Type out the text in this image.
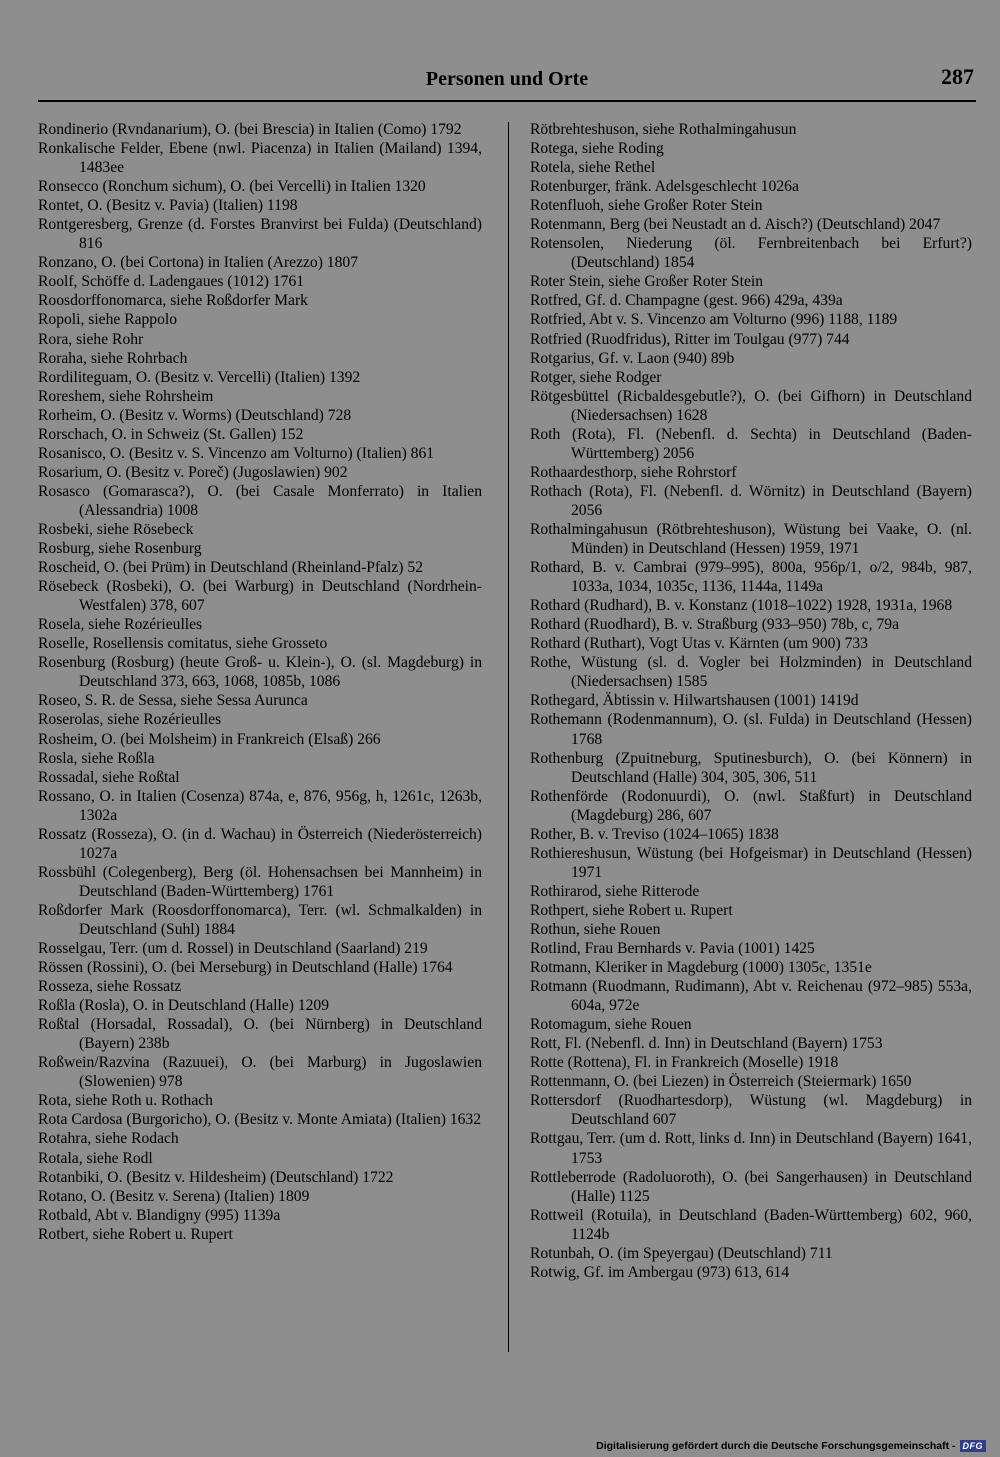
Personen und Orte	287
Rondinerio (Rvndanarium), O. (bei Brescia) in Italien (Como) 1792
Ronkalische Felder, Ebene (nwl. Piacenza) in Italien (Mailand) 1394, 1483ee
Ronsecco (Ronchum sichum), O. (bei Vercelli) in Italien 1320
Rontet, O. (Besitz v. Pavia) (Italien) 1198
Rontgeresberg, Grenze (d. Forstes Branvirst bei Fulda) (Deutschland) 816
Ronzano, O. (bei Cortona) in Italien (Arezzo) 1807
Roolf, Schöffe d. Ladengaues (1012) 1761
Roosdorffonomarca, siehe Roßdorfer Mark
Ropoli, siehe Rappolo
Rora, siehe Rohr
Roraha, siehe Rohrbach
Rordiliteguam, O. (Besitz v. Vercelli) (Italien) 1392
Roreshem, siehe Rohrsheim
Rorheim, O. (Besitz v. Worms) (Deutschland) 728
Rorschach, O. in Schweiz (St. Gallen) 152
Rosanisco, O. (Besitz v. S. Vincenzo am Volturno) (Italien) 861
Rosarium, O. (Besitz v. Poreč) (Jugoslawien) 902
Rosasco (Gomarasca?), O. (bei Casale Monferrato) in Italien (Alessandria) 1008
Rosbeki, siehe Rösebeck
Rosburg, siehe Rosenburg
Roscheid, O. (bei Prüm) in Deutschland (Rheinland-Pfalz) 52
Rösebeck (Rosbeki), O. (bei Warburg) in Deutschland (Nordrhein-Westfalen) 378, 607
Rosela, siehe Rozérieulles
Roselle, Rosellensis comitatus, siehe Grosseto
Rosenburg (Rosburg) (heute Groß- u. Klein-), O. (sl. Magdeburg) in Deutschland 373, 663, 1068, 1085b, 1086
Roseo, S. R. de Sessa, siehe Sessa Aurunca
Roserolas, siehe Rozérieulles
Rosheim, O. (bei Molsheim) in Frankreich (Elsaß) 266
Rosla, siehe Roßla
Rossadal, siehe Roßtal
Rossano, O. in Italien (Cosenza) 874a, e, 876, 956g, h, 1261c, 1263b, 1302a
Rossatz (Rosseza), O. (in d. Wachau) in Österreich (Niederösterreich) 1027a
Rossbühl (Colegenberg), Berg (öl. Hohensachsen bei Mannheim) in Deutschland (Baden-Württemberg) 1761
Roßdorfer Mark (Roosdorffonomarca), Terr. (wl. Schmalkalden) in Deutschland (Suhl) 1884
Rosselgau, Terr. (um d. Rossel) in Deutschland (Saarland) 219
Rössen (Rossini), O. (bei Merseburg) in Deutschland (Halle) 1764
Rosseza, siehe Rossatz
Roßla (Rosla), O. in Deutschland (Halle) 1209
Roßtal (Horsadal, Rossadal), O. (bei Nürnberg) in Deutschland (Bayern) 238b
Roßwein/Razvina (Razuuei), O. (bei Marburg) in Jugoslawien (Slowenien) 978
Rota, siehe Roth u. Rothach
Rota Cardosa (Burgoricho), O. (Besitz v. Monte Amiata) (Italien) 1632
Rotahra, siehe Rodach
Rotala, siehe Rodl
Rotanbiki, O. (Besitz v. Hildesheim) (Deutschland) 1722
Rotano, O. (Besitz v. Serena) (Italien) 1809
Rotbald, Abt v. Blandigny (995) 1139a
Rotbert, siehe Robert u. Rupert
Rötbrehteshuson, siehe Rothalmingahusun
Rotega, siehe Roding
Rotela, siehe Rethel
Rotenburger, fränk. Adelsgeschlecht 1026a
Rotenfluoh, siehe Großer Roter Stein
Rotenmann, Berg (bei Neustadt an d. Aisch?) (Deutschland) 2047
Rotensolen, Niederung (öl. Fernbreitenbach bei Erfurt?) (Deutschland) 1854
Roter Stein, siehe Großer Roter Stein
Rotfred, Gf. d. Champagne (gest. 966) 429a, 439a
Rotfried, Abt v. S. Vincenzo am Volturno (996) 1188, 1189
Rotfried (Ruodfridus), Ritter im Toulgau (977) 744
Rotgarius, Gf. v. Laon (940) 89b
Rotger, siehe Rodger
Rötgesbüttel (Ricbaldesgebutle?), O. (bei Gifhorn) in Deutschland (Niedersachsen) 1628
Roth (Rota), Fl. (Nebenfl. d. Sechta) in Deutschland (Baden-Württemberg) 2056
Rothaardesthorp, siehe Rohrstorf
Rothach (Rota), Fl. (Nebenfl. d. Wörnitz) in Deutschland (Bayern) 2056
Rothalmingahusun (Rötbrehteshuson), Wüstung bei Vaake, O. (nl. Münden) in Deutschland (Hessen) 1959, 1971
Rothard, B. v. Cambrai (979–995), 800a, 956p/1, o/2, 984b, 987, 1033a, 1034, 1035c, 1136, 1144a, 1149a
Rothard (Rudhard), B. v. Konstanz (1018–1022) 1928, 1931a, 1968
Rothard (Ruodhard), B. v. Straßburg (933–950) 78b, c, 79a
Rothard (Ruthart), Vogt Utas v. Kärnten (um 900) 733
Rothe, Wüstung (sl. d. Vogler bei Holzminden) in Deutschland (Niedersachsen) 1585
Rothegard, Äbtissin v. Hilwartshausen (1001) 1419d
Rothemann (Rodenmannum), O. (sl. Fulda) in Deutschland (Hessen) 1768
Rothenburg (Zpuitneburg, Sputinesburch), O. (bei Könnern) in Deutschland (Halle) 304, 305, 306, 511
Rothenförde (Rodonuurdi), O. (nwl. Staßfurt) in Deutschland (Magdeburg) 286, 607
Rother, B. v. Treviso (1024–1065) 1838
Rothiereshusun, Wüstung (bei Hofgeismar) in Deutschland (Hessen) 1971
Rothirarod, siehe Ritterode
Rothpert, siehe Robert u. Rupert
Rothun, siehe Rouen
Rotlind, Frau Bernhards v. Pavia (1001) 1425
Rotmann, Kleriker in Magdeburg (1000) 1305c, 1351e
Rotmann (Ruodmann, Rudimann), Abt v. Reichenau (972–985) 553a, 604a, 972e
Rotomagum, siehe Rouen
Rott, Fl. (Nebenfl. d. Inn) in Deutschland (Bayern) 1753
Rotte (Rottena), Fl. in Frankreich (Moselle) 1918
Rottenmann, O. (bei Liezen) in Österreich (Steiermark) 1650
Rottersdorf (Ruodhartesdorp), Wüstung (wl. Magdeburg) in Deutschland 607
Rottgau, Terr. (um d. Rott, links d. Inn) in Deutschland (Bayern) 1641, 1753
Rottleberrode (Radoluoroth), O. (bei Sangerhausen) in Deutschland (Halle) 1125
Rottweil (Rotuila), in Deutschland (Baden-Württemberg) 602, 960, 1124b
Rotunbah, O. (im Speyergau) (Deutschland) 711
Rotwig, Gf. im Ambergau (973) 613, 614
Digitalisierung gefördert durch die Deutsche Forschungsgemeinschaft - DFG
